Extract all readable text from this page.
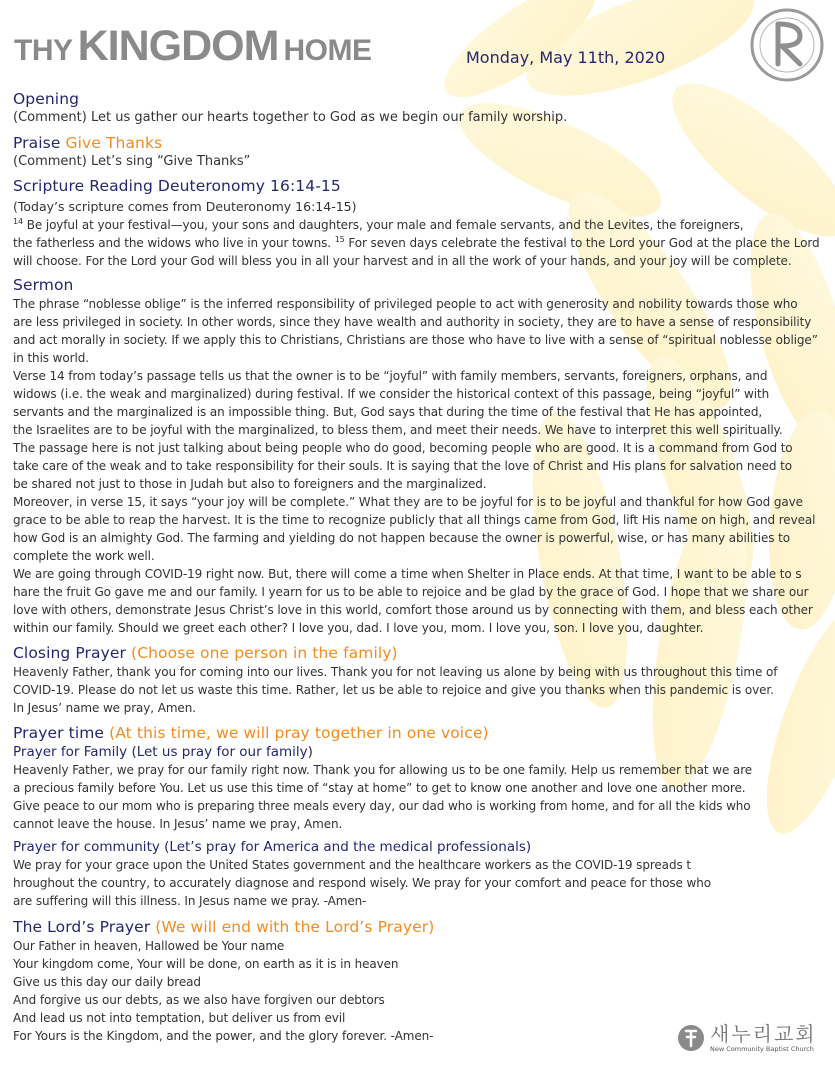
THY KINGDOM HOME	Monday, May 11th, 2020
Opening

(Comment) Let us gather our hearts together to God as we begin our family worship.

Praise Give Thanks

(Comment) Let’s sing “Give Thanks”

Scripture Reading Deuteronomy 16:14-15

(Today’s scripture comes from Deuteronomy 16:14-15)

$^{14}$ Be joyful at your festival—you, your sons and daughters, your male and female servants, and the Levites, the foreigners,

the fatherless and the widows who live in your towns. $^{15}$ For seven days celebrate the festival to the Lord your God at the place the Lord

will choose. For the Lord your God will bless you in all your harvest and in all the work of your hands, and your joy will be complete.

Sermon

The phrase “noblesse oblige” is the inferred responsibility of privileged people to act with generosity and nobility towards those who

are less privileged in society. In other words, since they have wealth and authority in society, they are to have a sense of responsibility

and act morally in society. If we apply this to Christians, Christians are those who have to live with a sense of “spiritual noblesse oblige”

in this world.

Verse 14 from today’s passage tells us that the owner is to be “joyful” with family members, servants, foreigners, orphans, and

widows (i.e. the weak and marginalized) during festival. If we consider the historical context of this passage, being “joyful” with

servants and the marginalized is an impossible thing. But, God says that during the time of the festival that He has appointed,

the Israelites are to be joyful with the marginalized, to bless them, and meet their needs. We have to interpret this well spiritually.

The passage here is not just talking about being people who do good, becoming people who are good. It is a command from God to

take care of the weak and to take responsibility for their souls. It is saying that the love of Christ and His plans for salvation need to

be shared not just to those in Judah but also to foreigners and the marginalized.

Moreover, in verse 15, it says “your joy will be complete.” What they are to be joyful for is to be joyful and thankful for how God gave

grace to be able to reap the harvest. It is the time to recognize publicly that all things came from God, lift His name on high, and reveal

how God is an almighty God. The farming and yielding do not happen because the owner is powerful, wise, or has many abilities to

complete the work well.

We are going through COVID-19 right now. But, there will come a time when Shelter in Place ends. At that time, I want to be able to s

hare the fruit Go gave me and our family. I yearn for us to be able to rejoice and be glad by the grace of God. I hope that we share our

love with others, demonstrate Jesus Christ’s love in this world, comfort those around us by connecting with them, and bless each other

within our family. Should we greet each other? I love you, dad. I love you, mom. I love you, son. I love you, daughter.

Closing Prayer (Choose one person in the family)

Heavenly Father, thank you for coming into our lives. Thank you for not leaving us alone by being with us throughout this time of

COVID-19. Please do not let us waste this time. Rather, let us be able to rejoice and give you thanks when this pandemic is over.

In Jesus’ name we pray, Amen.

Prayer time (At this time, we will pray together in one voice)
Prayer for Family (Let us pray for our family)

Heavenly Father, we pray for our family right now. Thank you for allowing us to be one family. Help us remember that we are

a precious family before You. Let us use this time of “stay at home” to get to know one another and love one another more.

Give peace to our mom who is preparing three meals every day, our dad who is working from home, and for all the kids who

cannot leave the house. In Jesus’ name we pray, Amen.

Prayer for community (Let’s pray for America and the medical professionals)

We pray for your grace upon the United States government and the healthcare workers as the COVID-19 spreads t

hroughout the country, to accurately diagnose and respond wisely. We pray for your comfort and peace for those who

are suffering will this illness. In Jesus name we pray. -Amen-

The Lord’s Prayer (We will end with the Lord’s Prayer)

Our Father in heaven, Hallowed be Your name

Your kingdom come, Your will be done, on earth as it is in heaven

Give us this day our daily bread

And forgive us our debts, as we also have forgiven our debtors

And lead us not into temptation, but deliver us from evil

For Yours is the Kingdom, and the power, and the glory forever. -Amen-	새누리교회
New Community Baptist Church
